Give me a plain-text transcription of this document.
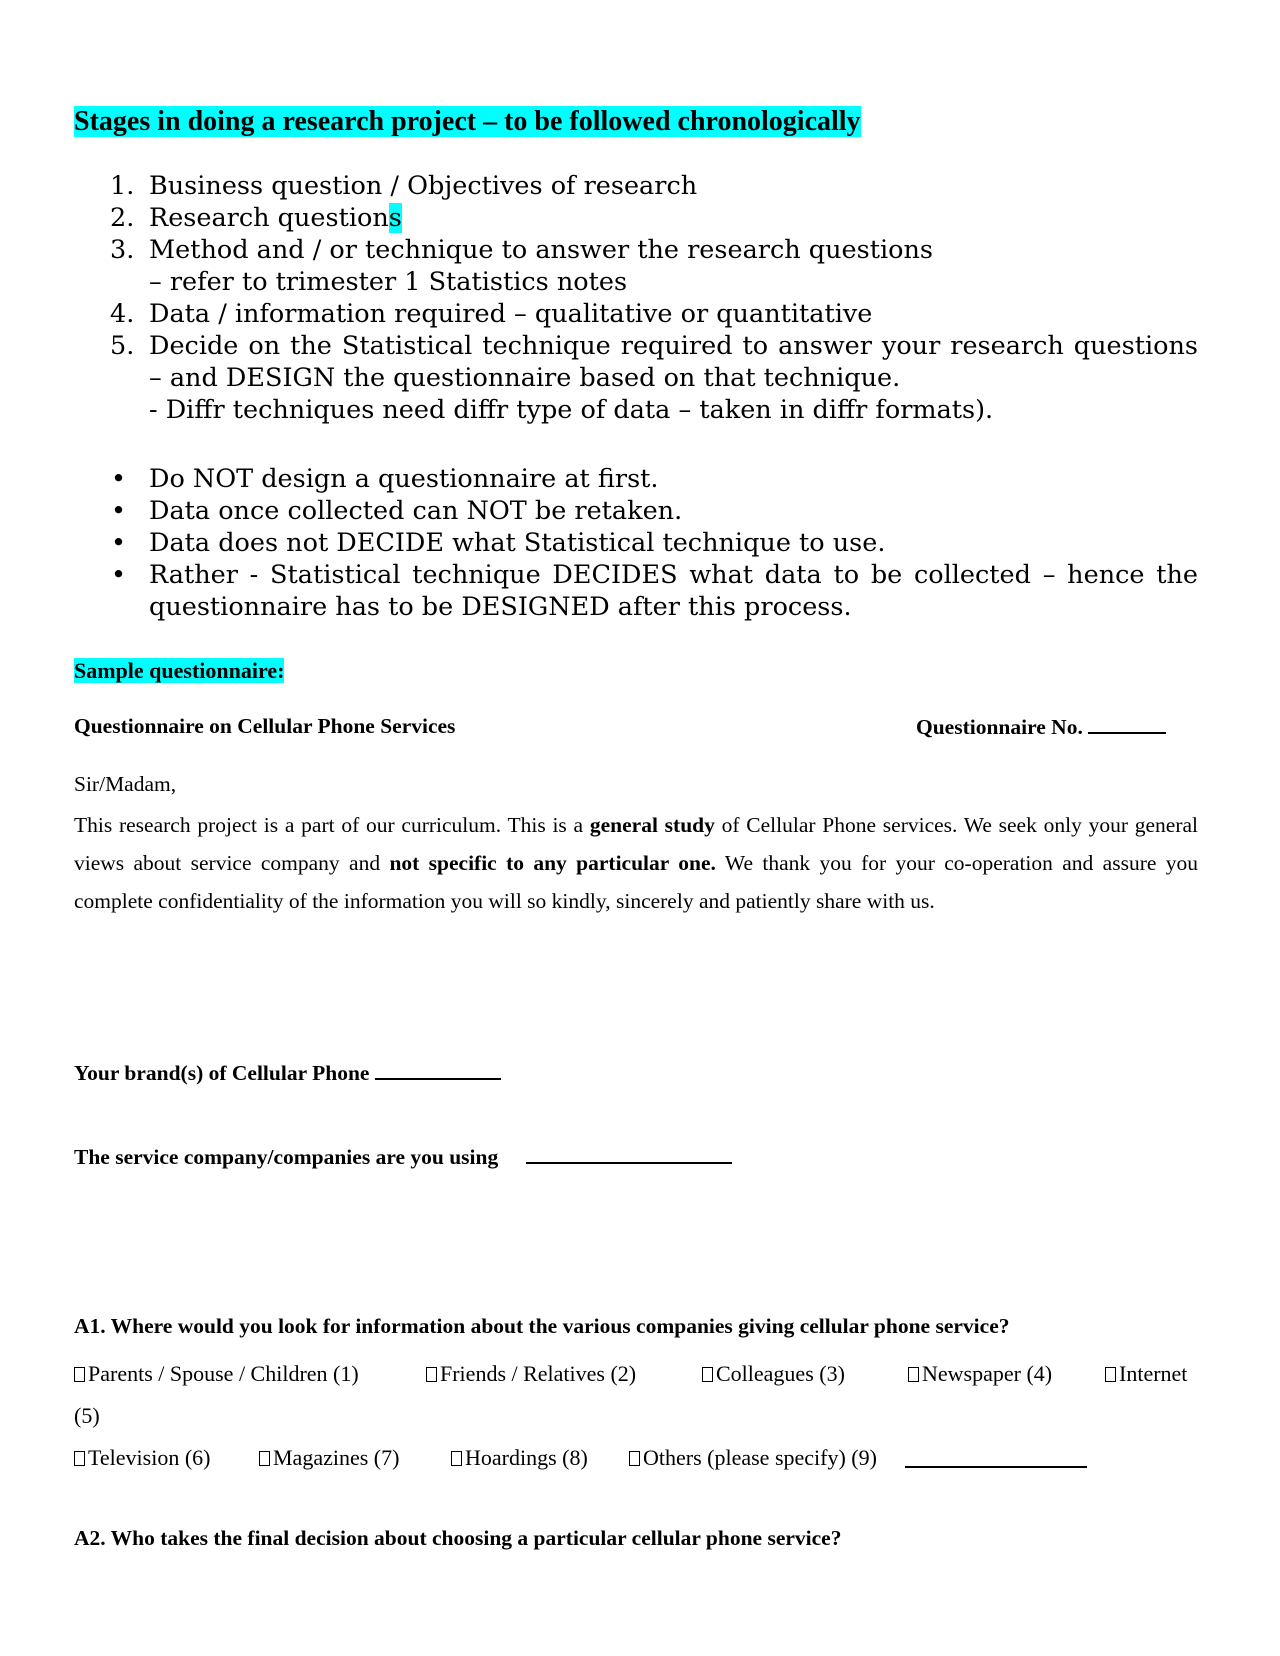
Stages in doing a research project – to be followed chronologically
1. Business question / Objectives of research
2. Research questions
3. Method and / or technique to answer the research questions
– refer to trimester 1 Statistics notes
4. Data / information required – qualitative or quantitative
5. Decide on the Statistical technique required to answer your research questions – and DESIGN the questionnaire based on that technique.
- Diffr techniques need diffr type of data – taken in diffr formats).
• Do NOT design a questionnaire at first.
• Data once collected can NOT be retaken.
• Data does not DECIDE what Statistical technique to use.
• Rather - Statistical technique DECIDES what data to be collected – hence the questionnaire has to be DESIGNED after this process.
Sample questionnaire:
Questionnaire on Cellular Phone Services	Questionnaire No.
Sir/Madam,

This research project is a part of our curriculum. This is a general study of Cellular Phone services. We seek only your general views about service company and not specific to any particular one. We thank you for your co-operation and assure you complete confidentiality of the information you will so kindly, sincerely and patiently share with us.

Your brand(s) of Cellular Phone
The service company/companies are you using
A1. Where would you look for information about the various companies giving cellular phone service?
Parents / Spouse / Children (1)	Friends / Relatives (2)	Colleagues (3)	Newspaper (4)	Internet
(5)
Television (6)	Magazines (7)	Hoardings (8)	Others (please specify) (9)
A2. Who takes the final decision about choosing a particular cellular phone service?
